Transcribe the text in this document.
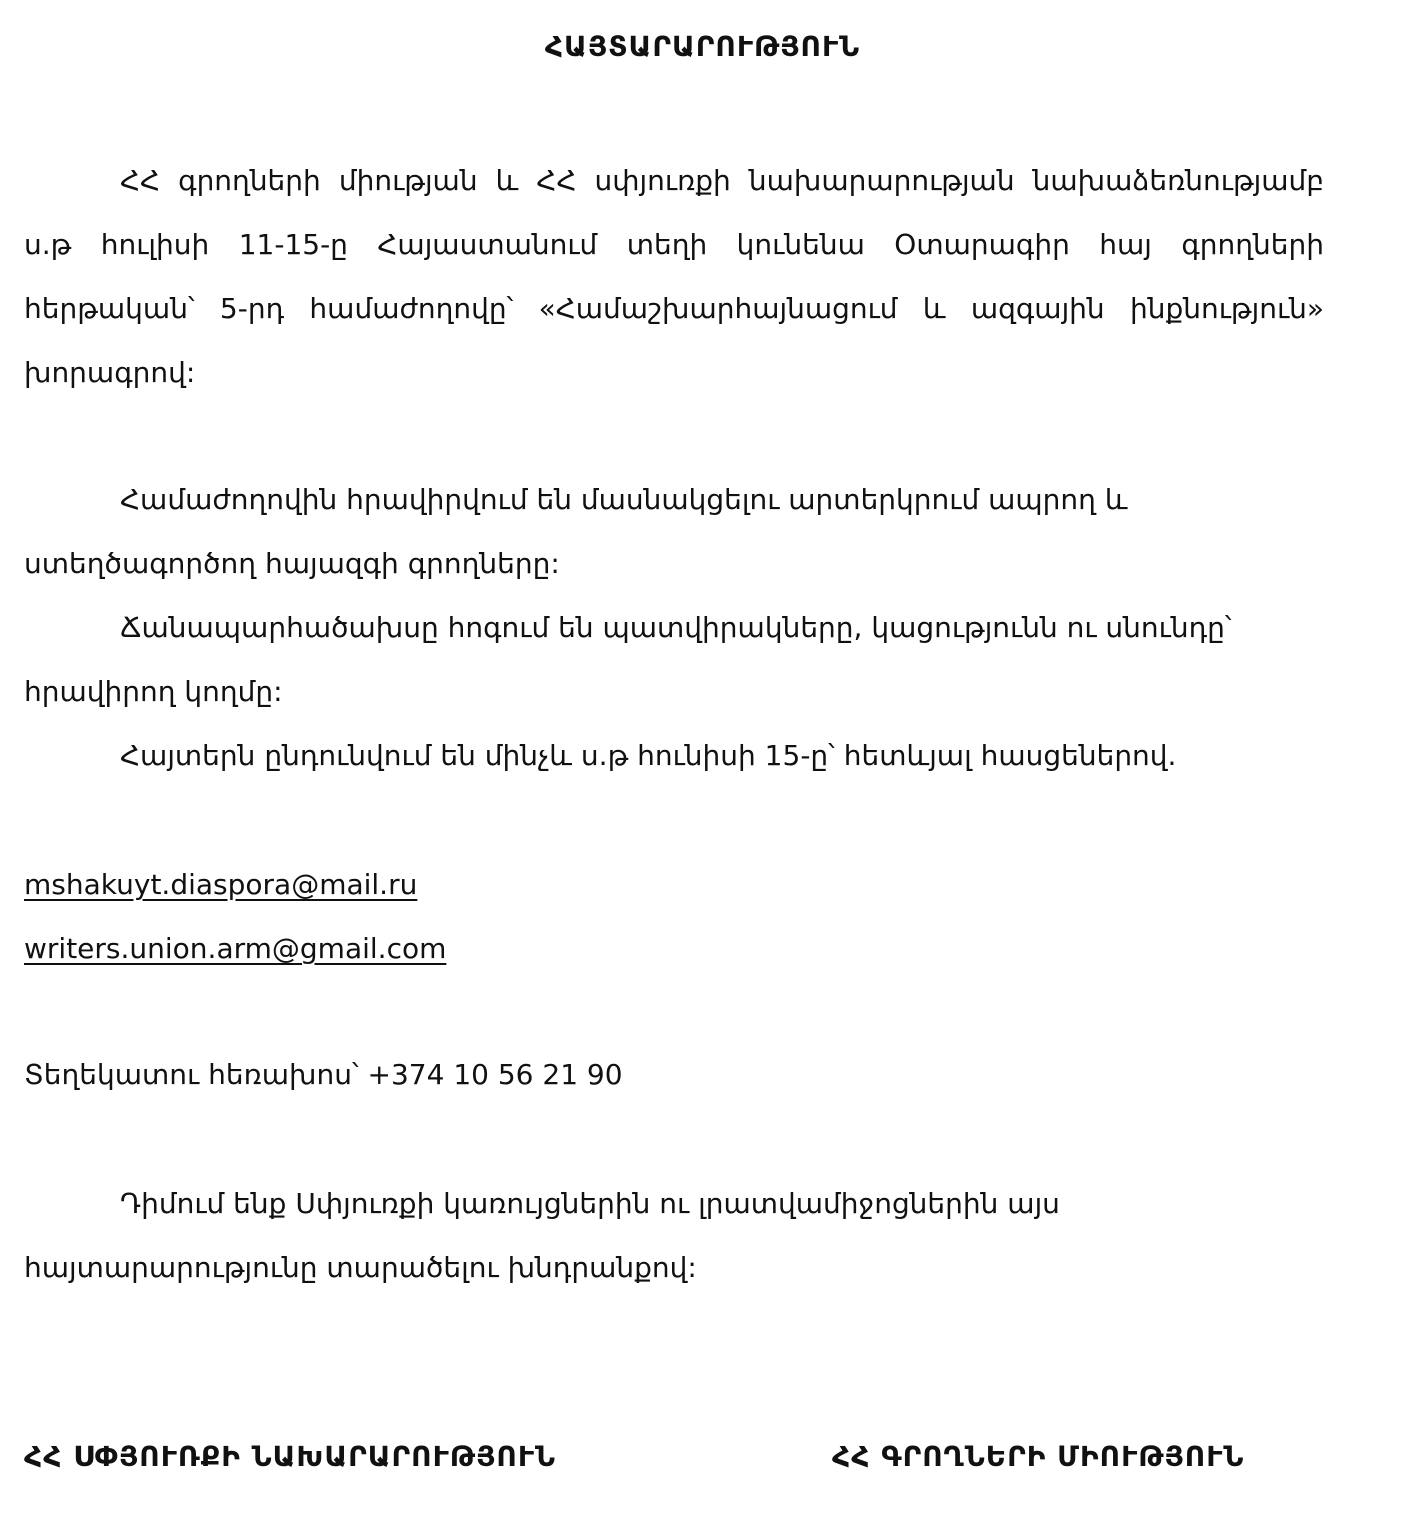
ՀԱՅՏԱՐԱՐՈՒԹՅՈՒՆ
ՀՀ գրողների միության և ՀՀ սփյուռքի նախարարության նախաձեռնությամբ
ս.թ հուլիսի 11-15-ը Հայաստանում տեղի կունենա Օտարագիր հայ գրողների
հերթական՝ 5-րդ համաժողովը՝ «Համաշխարհայնացում և ազգային ինքնություն»
խորագրով:
Համաժողովին հրավիրվում են մասնակցելու արտերկրում ապրող և
ստեղծագործող հայազգի գրողները:
Ճանապարհածախսը հոգում են պատվիրակները, կացությունն ու սնունդը՝
հրավիրող կողմը:
Հայտերն ընդունվում են մինչև ս.թ հունիսի 15-ը՝ հետևյալ հասցեներով.
mshakuyt.diaspora@mail.ru
writers.union.arm@gmail.com
Տեղեկատու հեռախոս՝ +374 10 56 21 90
Դիմում ենք Սփյուռքի կառույցներին ու լրատվամիջոցներին այս
հայտարարությունը տարածելու խնդրանքով:
ՀՀ ՍՓՅՈՒՌՔԻ ՆԱԽԱՐԱՐՈՒԹՅՈՒՆ	ՀՀ ԳՐՈՂՆԵՐԻ ՄԻՈՒԹՅՈՒՆ
